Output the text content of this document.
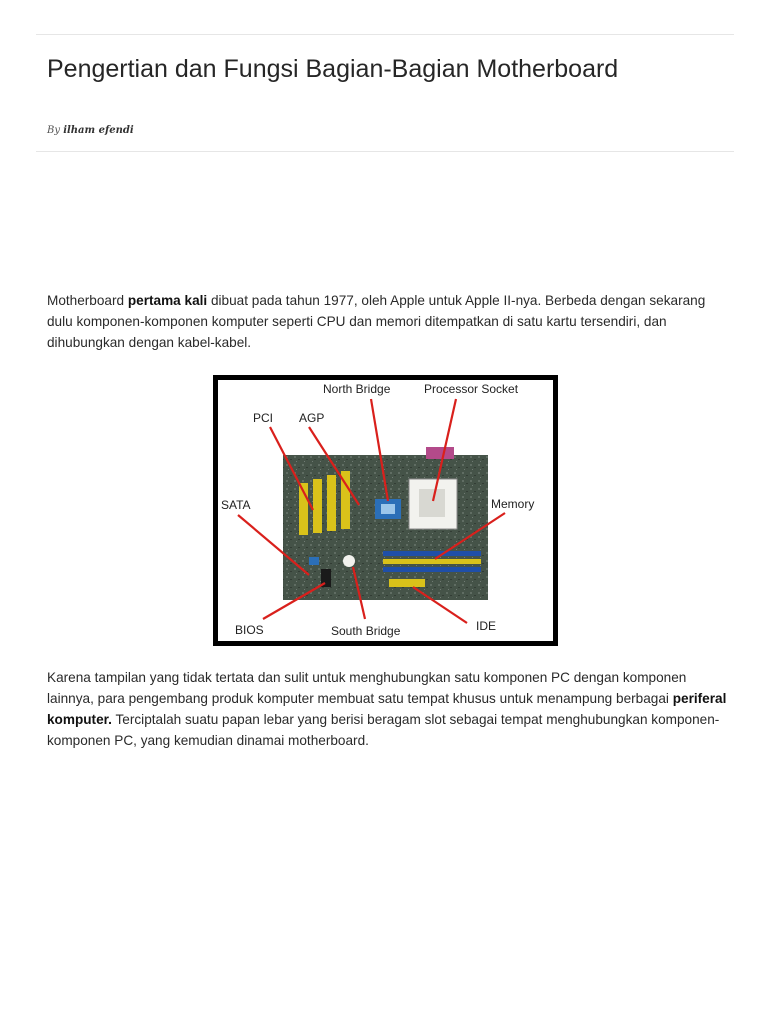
Pengertian dan Fungsi Bagian-Bagian Motherboard
By ilham efendi

Motherboard pertama kali dibuat pada tahun 1977, oleh Apple untuk Apple II-nya. Berbeda dengan sekarang dulu komponen-komponen komputer seperti CPU dan memori ditempatkan di satu kartu tersendiri, dan dihubungkan dengan kabel-kabel.

North Bridge	Processor Socket
PCI AGP
SATA	Memory
BIOS	South Bridge	IDE

Karena tampilan yang tidak tertata dan sulit untuk menghubungkan satu komponen PC dengan komponen lainnya, para pengembang produk komputer membuat satu tempat khusus untuk menampung berbagai periferal komputer. Terciptalah suatu papan lebar yang berisi beragam slot sebagai tempat menghubungkan komponen-komponen PC, yang kemudian dinamai motherboard.
